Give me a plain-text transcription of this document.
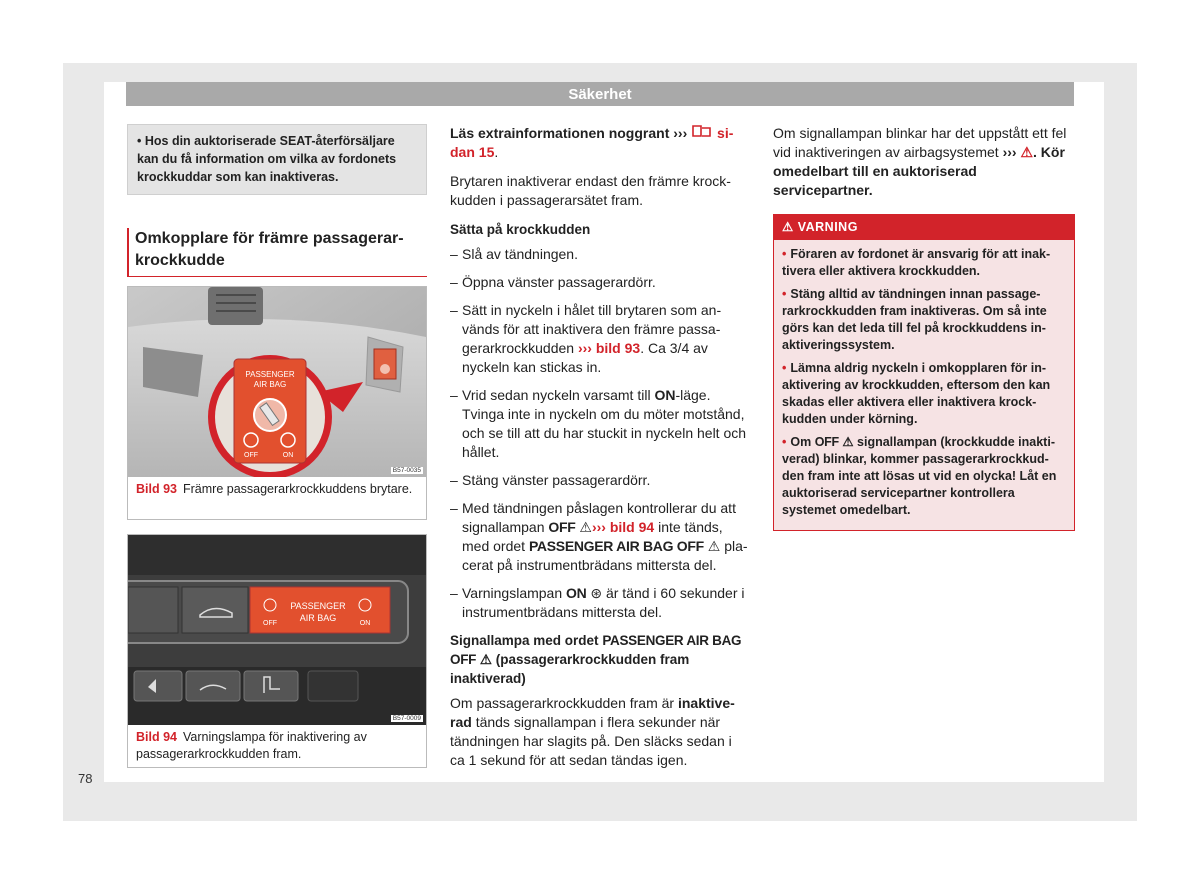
Säkerhet
78

• Hos din auktoriserade SEAT-återförsäljare kan du få information om vilka av fordonets krockkuddar som kan inaktiveras.

Omkopplare för främre passagerarkrockkudde
PASSENGER
AIR BAG
OFF	ON
B57-0035
Bild 93 Främre passagerarkrockkuddens brytare.
PASSENGER
AIR BAG
OFF	ON
B57-0009
Bild 94 Varningslampa för inaktivering av passagerarkrockkudden fram.

Läs extrainformationen noggrant ››› sidan 15.

Brytaren inaktiverar endast den främre krockkudden i passagerarsätet fram.

Sätta på krockkudden

– Slå av tändningen.
– Öppna vänster passagerardörr.
– Sätt in nyckeln i hålet till brytaren som används för att inaktivera den främre passagerarkrockkudden ››› bild 93. Ca 3/4 av nyckeln kan stickas in.
– Vrid sedan nyckeln varsamt till ON-läge. Tvinga inte in nyckeln om du möter motstånd, och se till att du har stuckit in nyckeln helt och hållet.
– Stäng vänster passagerardörr.
– Med tändningen påslagen kontrollerar du att signallampan OFF ⚠››› bild 94 inte tänds, med ordet PASSENGER AIR BAG OFF ⚠ placerat på instrumentbrädans mittersta del.
– Varningslampan ON ⊛ är tänd i 60 sekunder i instrumentbrädans mittersta del.

Signallampa med ordet PASSENGER AIR BAG OFF ⚠ (passagerarkrockkudden fram inaktiverad)

Om passagerarkrockkudden fram är inaktiverad tänds signallampan i flera sekunder när tändningen har slagits på. Den släcks sedan i ca 1 sekund för att sedan tändas igen.

Om signallampan blinkar har det uppstått ett fel vid inaktiveringen av airbagsystemet ››› ⚠. Kör omedelbart till en auktoriserad servicepartner.

⚠ VARNING

• Föraren av fordonet är ansvarig för att inaktivera eller aktivera krockkudden.

• Stäng alltid av tändningen innan passagerarkrockkudden fram inaktiveras. Om så inte görs kan det leda till fel på krockkuddens inaktiveringssystem.

• Lämna aldrig nyckeln i omkopplaren för inaktivering av krockkudden, eftersom den kan skadas eller aktivera eller inaktivera krockkudden under körning.

• Om OFF ⚠ signallampan (krockkudde inaktiverad) blinkar, kommer passagerarkrockkudden fram inte att lösas ut vid en olycka! Låt en auktoriserad servicepartner kontrollera systemet omedelbart.
